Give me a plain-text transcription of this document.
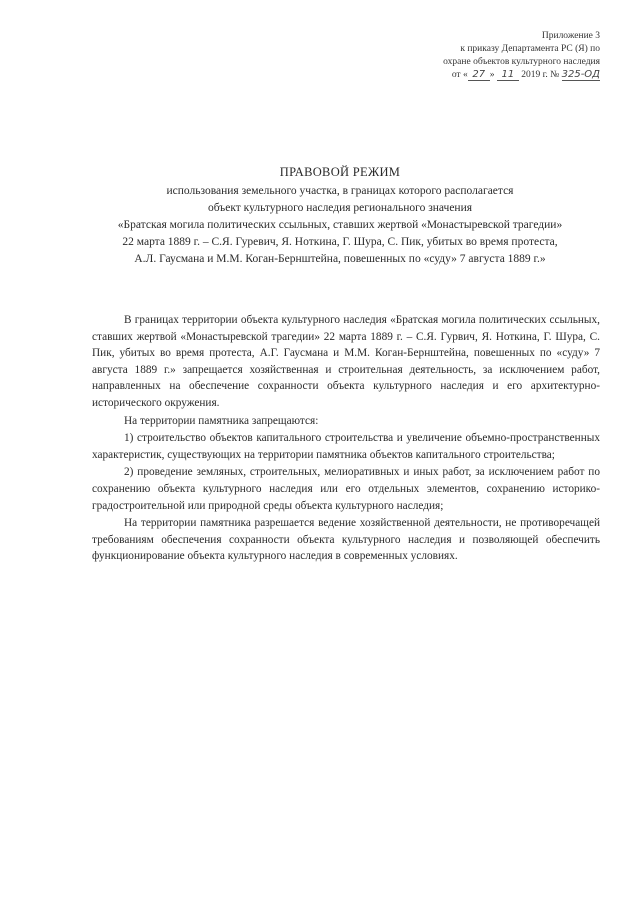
Приложение 3
к приказу Департамента РС (Я) по
охране объектов культурного наследия
от « 27 » 11 2019 г. № 325-ОД
ПРАВОВОЙ РЕЖИМ
использования земельного участка, в границах которого располагается
объект культурного наследия регионального значения
«Братская могила политических ссыльных, ставших жертвой «Монастыревской трагедии»
22 марта 1889 г. – С.Я. Гуревич, Я. Ноткина, Г. Шура, С. Пик, убитых во время протеста,
А.Л. Гаусмана и М.М. Коган-Бернштейна, повешенных по «суду» 7 августа 1889 г.»

В границах территории объекта культурного наследия «Братская могила политических ссыльных, ставших жертвой «Монастыревской трагедии» 22 марта 1889 г. – С.Я. Гурвич, Я. Ноткина, Г. Шура, С. Пик, убитых во время протеста, А.Г. Гаусмана и М.М. Коган-Бернштейна, повешенных по «суду» 7 августа 1889 г.» запрещается хозяйственная и строительная деятельность, за исключением работ, направленных на обеспечение сохранности объекта культурного наследия и его архитектурно-исторического окружения.

На территории памятника запрещаются:

1) строительство объектов капитального строительства и увеличение объемно-пространственных характеристик, существующих на территории памятника объектов капитального строительства;

2) проведение земляных, строительных, мелиоративных и иных работ, за исключением работ по сохранению объекта культурного наследия или его отдельных элементов, сохранению историко-градостроительной или природной среды объекта культурного наследия;

На территории памятника разрешается ведение хозяйственной деятельности, не противоречащей требованиям обеспечения сохранности объекта культурного наследия и позволяющей обеспечить функционирование объекта культурного наследия в современных условиях.
